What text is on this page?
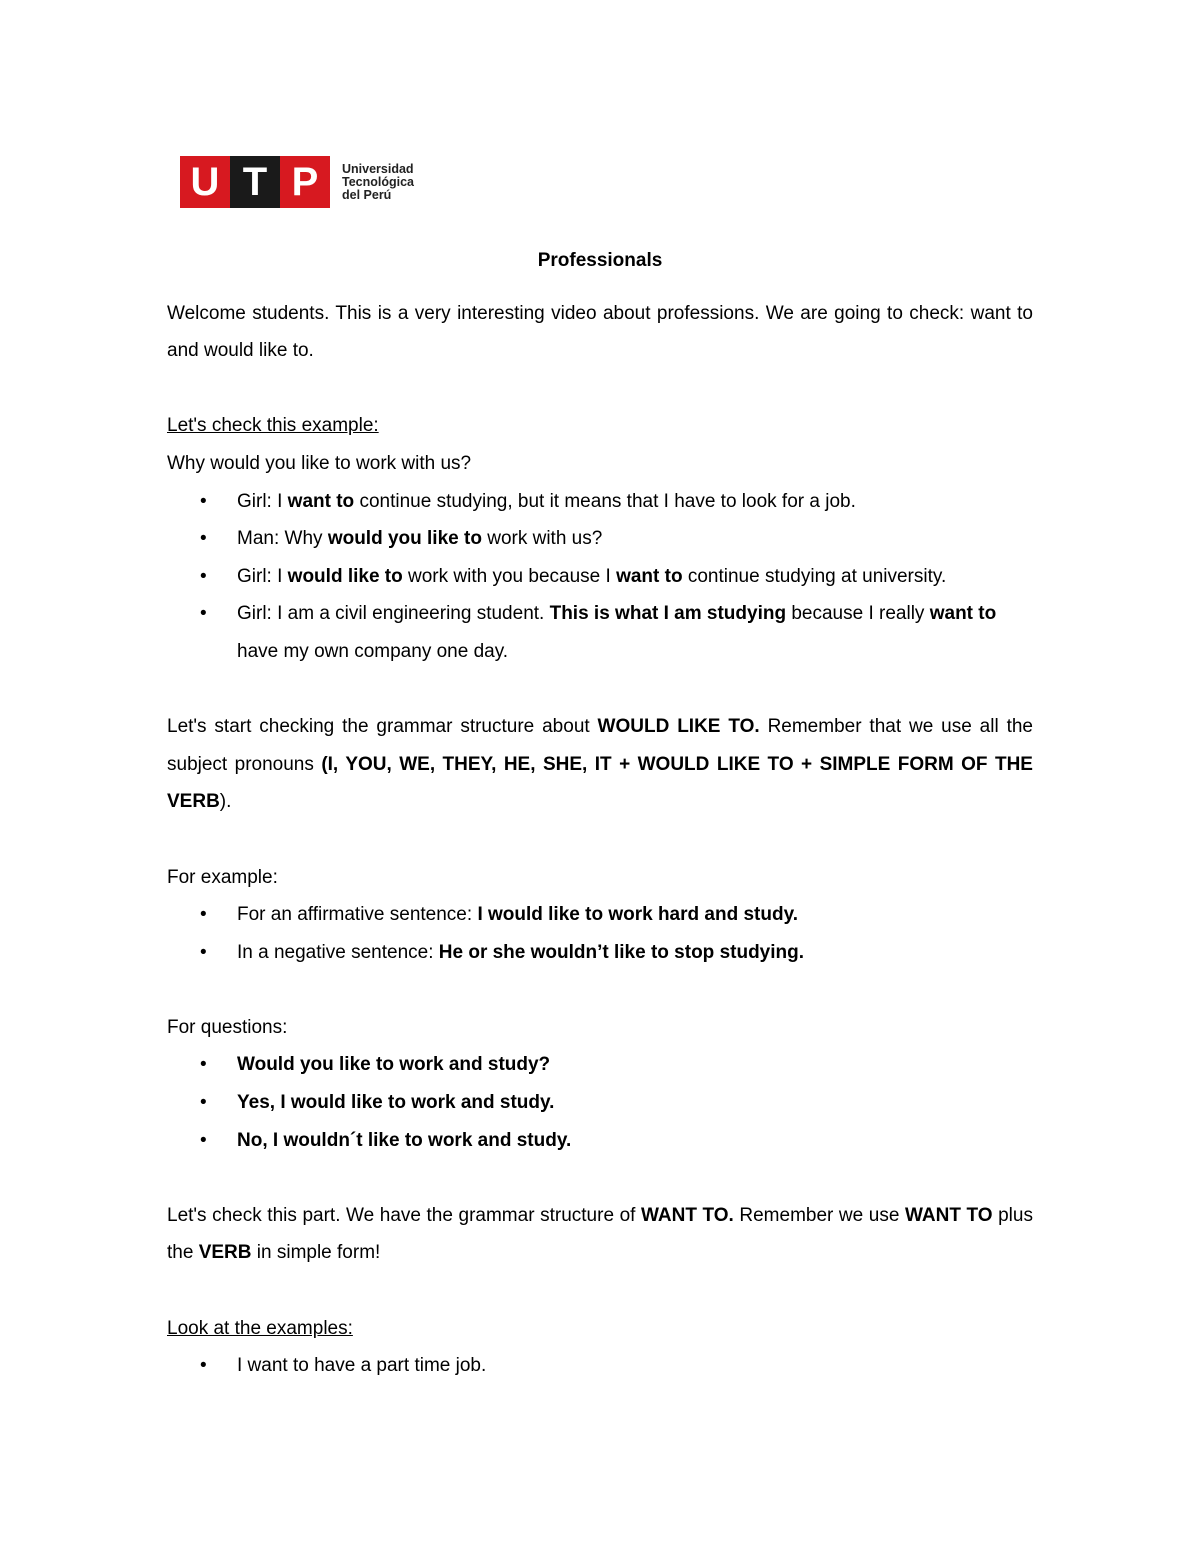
U T P	Universidad
Tecnológica
del Perú

Professionals

Welcome students. This is a very interesting video about professions. We are going to check: want to and would like to.

Let's check this example:

Why would you like to work with us?

• Girl: I want to continue studying, but it means that I have to look for a job.
• Man: Why would you like to work with us?
• Girl: I would like to work with you because I want to continue studying at university.
• Girl: I am a civil engineering student. This is what I am studying because I really want to have my own company one day.

Let's start checking the grammar structure about WOULD LIKE TO. Remember that we use all the subject pronouns (I, YOU, WE, THEY, HE, SHE, IT + WOULD LIKE TO + SIMPLE FORM OF THE VERB).

For example:

• For an affirmative sentence: I would like to work hard and study.
• In a negative sentence: He or she wouldn’t like to stop studying.

For questions:

• Would you like to work and study?
• Yes, I would like to work and study.
• No, I wouldn´t like to work and study.

Let's check this part. We have the grammar structure of WANT TO. Remember we use WANT TO plus the VERB in simple form!

Look at the examples:

• I want to have a part time job.
